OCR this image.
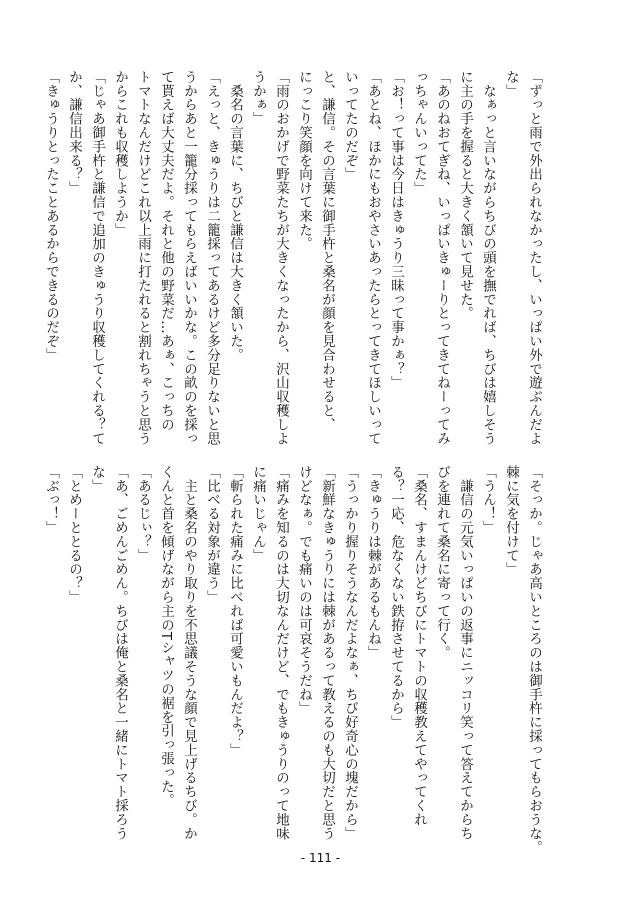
「ずっと雨で外出られなかったし、いっぱい外で遊ぶんだよ
な」
　なぁっと言いながらちびの頭を撫でれば、ちびは嬉しそう
に主の手を握ると大きく頷いて見せた。
「あのねおてぎね、いっぱいきゅーりとってきてねーってみ
っちゃんいってた」
「お！って事は今日はきゅうり三昧って事かぁ？」
「あとね、ほかにもおやさいあったらとってきてほしいって
いってたのだぞ」
と、謙信。その言葉に御手杵と桑名が顔を見合わせると、
にっこり笑顔を向けて来た。
「雨のおかげで野菜たちが大きくなったから、沢山収穫しよ
うかぁ」
　桑名の言葉に、ちびと謙信は大きく頷いた。
「えっと、きゅうりは二籠採ってあるけど多分足りないと思
うからあと一籠分採ってもらえばいいかな。この畝のを採っ
て貰えば大丈夫だよ。それと他の野菜だ…あぁ、こっちの
トマトなんだけどこれ以上雨に打たれると割れちゃうと思う
からこれも収穫しようか」
「じゃあ御手杵と謙信で追加のきゅうり収穫してくれる？て
か、謙信出来る？」
「きゅうりとったことあるからできるのだぞ」
「そっか。じゃあ高いところのは御手杵に採ってもらおうな。
棘に気を付けて」
「うん！」
　謙信の元気いっぱいの返事にニッコリ笑って答えてからち
びを連れて桑名に寄って行く。
「桑名、すまんけどちびにトマトの収穫教えてやってくれ
る？一応、危なくない鉄拵させてるから」
「きゅうりは棘があるもんね」
「うっかり握りそうなんだよなぁ、ちび好奇心の塊だから」
「新鮮なきゅうりには棘があるって教えるのも大切だと思う
けどなぁ。でも痛いのは可哀そうだね」
「痛みを知るのは大切なんだけど、でもきゅうりのって地味
に痛いじゃん」
「斬られた痛みに比べれば可愛いもんだよ？」
「比べる対象が違う」
　主と桑名のやり取りを不思議そうな顔で見上げるちび。か
くんと首を傾げながら主のTシャツの裾を引っ張った。
「あるじぃ？」
「あ、ごめんごめん。ちびは俺と桑名と一緒にトマト採ろう
な」
「とめーととるの？」
「ぶっ！」
- 111 -
